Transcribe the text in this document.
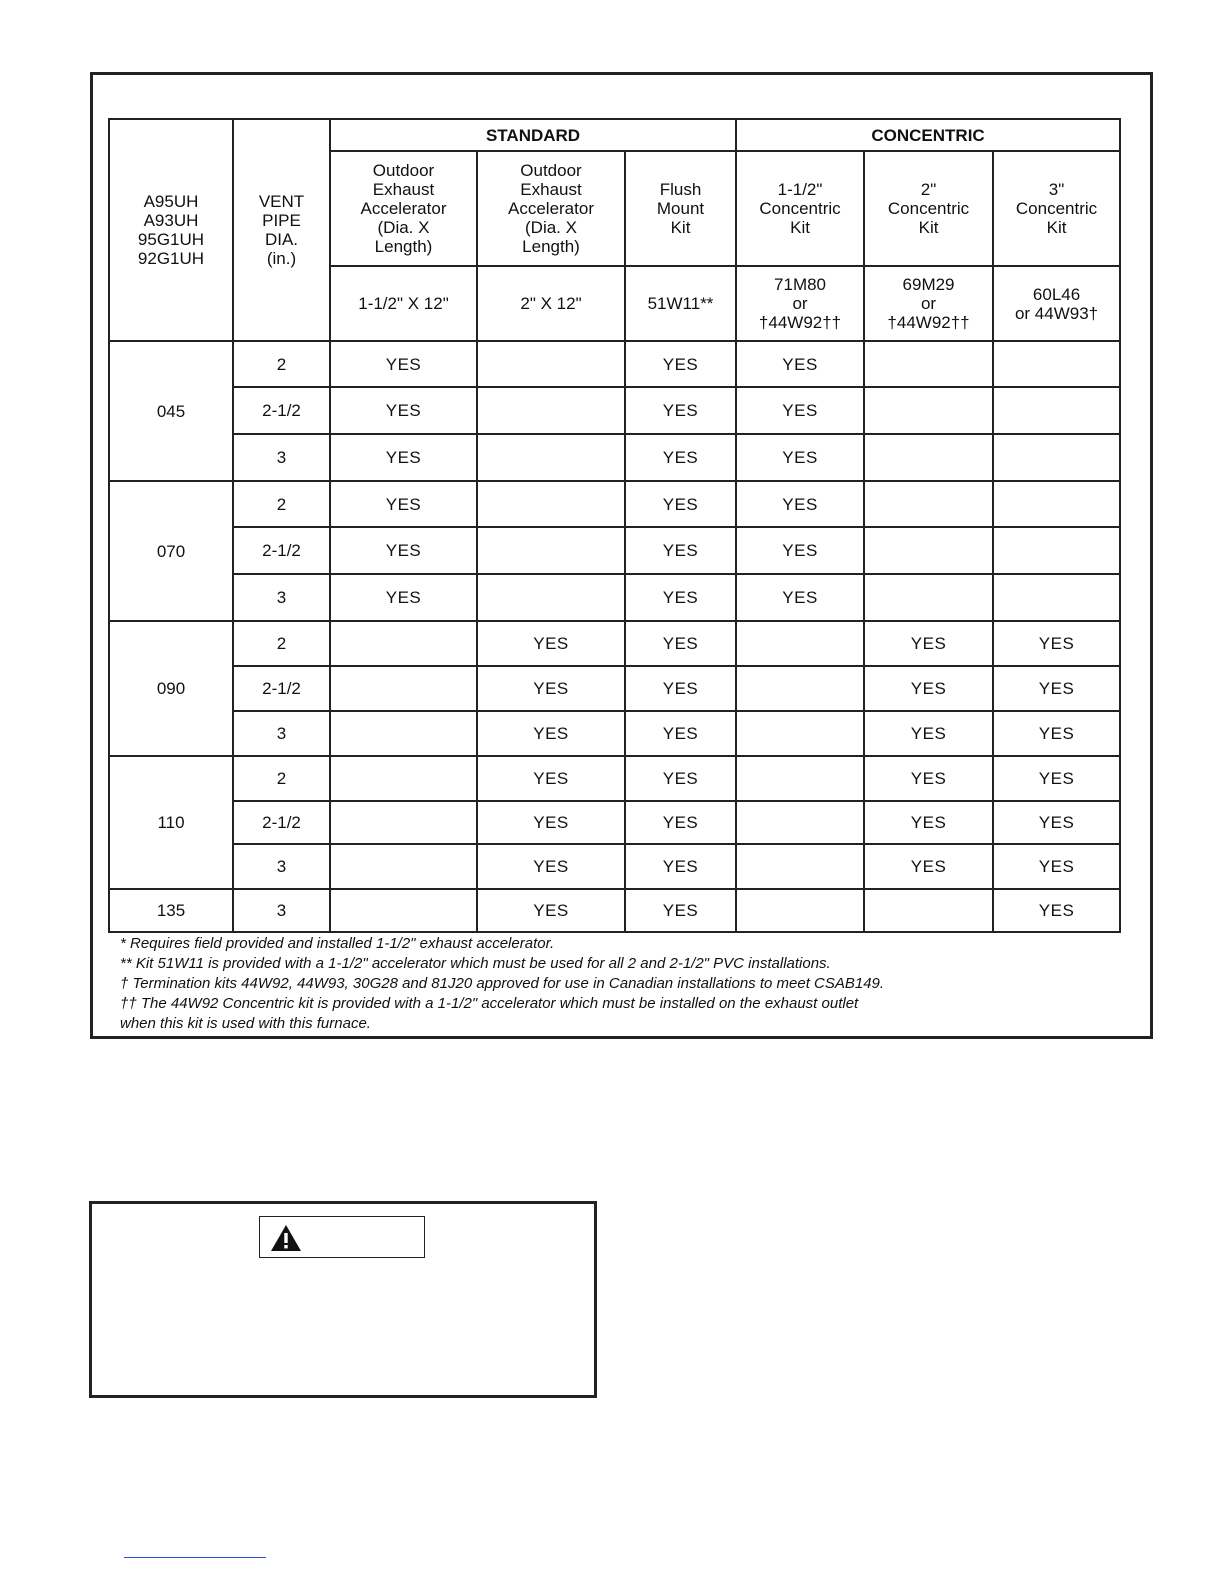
A95UH
A93UH
95G1UH
92G1UH	VENT
PIPE
DIA.
(in.)	STANDARD			CONCENTRIC		
		Outdoor
Exhaust
Accelerator
(Dia. X
Length)	Outdoor
Exhaust
Accelerator
(Dia. X
Length)	Flush
Mount
Kit	1-1/2"
Concentric
Kit	2"
Concentric
Kit	3"
Concentric
Kit
		1-1/2" X 12"	2" X 12"	51W11**	71M80
or
†44W92††	69M29
or
†44W92††	60L46
or 44W93†
045	2	YES		YES	YES		
	2-1/2	YES		YES	YES		
	3	YES		YES	YES		
070	2	YES		YES	YES		
	2-1/2	YES		YES	YES		
	3	YES		YES	YES		
090	2		YES	YES		YES	YES
	2-1/2		YES	YES		YES	YES
	3		YES	YES		YES	YES
110	2		YES	YES		YES	YES
	2-1/2		YES	YES		YES	YES
	3		YES	YES		YES	YES
135	3		YES	YES			YES
* Requires field provided and installed 1-1/2" exhaust accelerator.
** Kit 51W11 is provided with a 1-1/2" accelerator which must be used for all 2 and 2-1/2" PVC installations.
† Termination kits 44W92, 44W93, 30G28 and 81J20 approved for use in Canadian installations to meet CSAB149.
†† The 44W92 Concentric kit is provided with a 1-1/2" accelerator which must be installed on the exhaust outlet
when this kit is used with this furnace.
